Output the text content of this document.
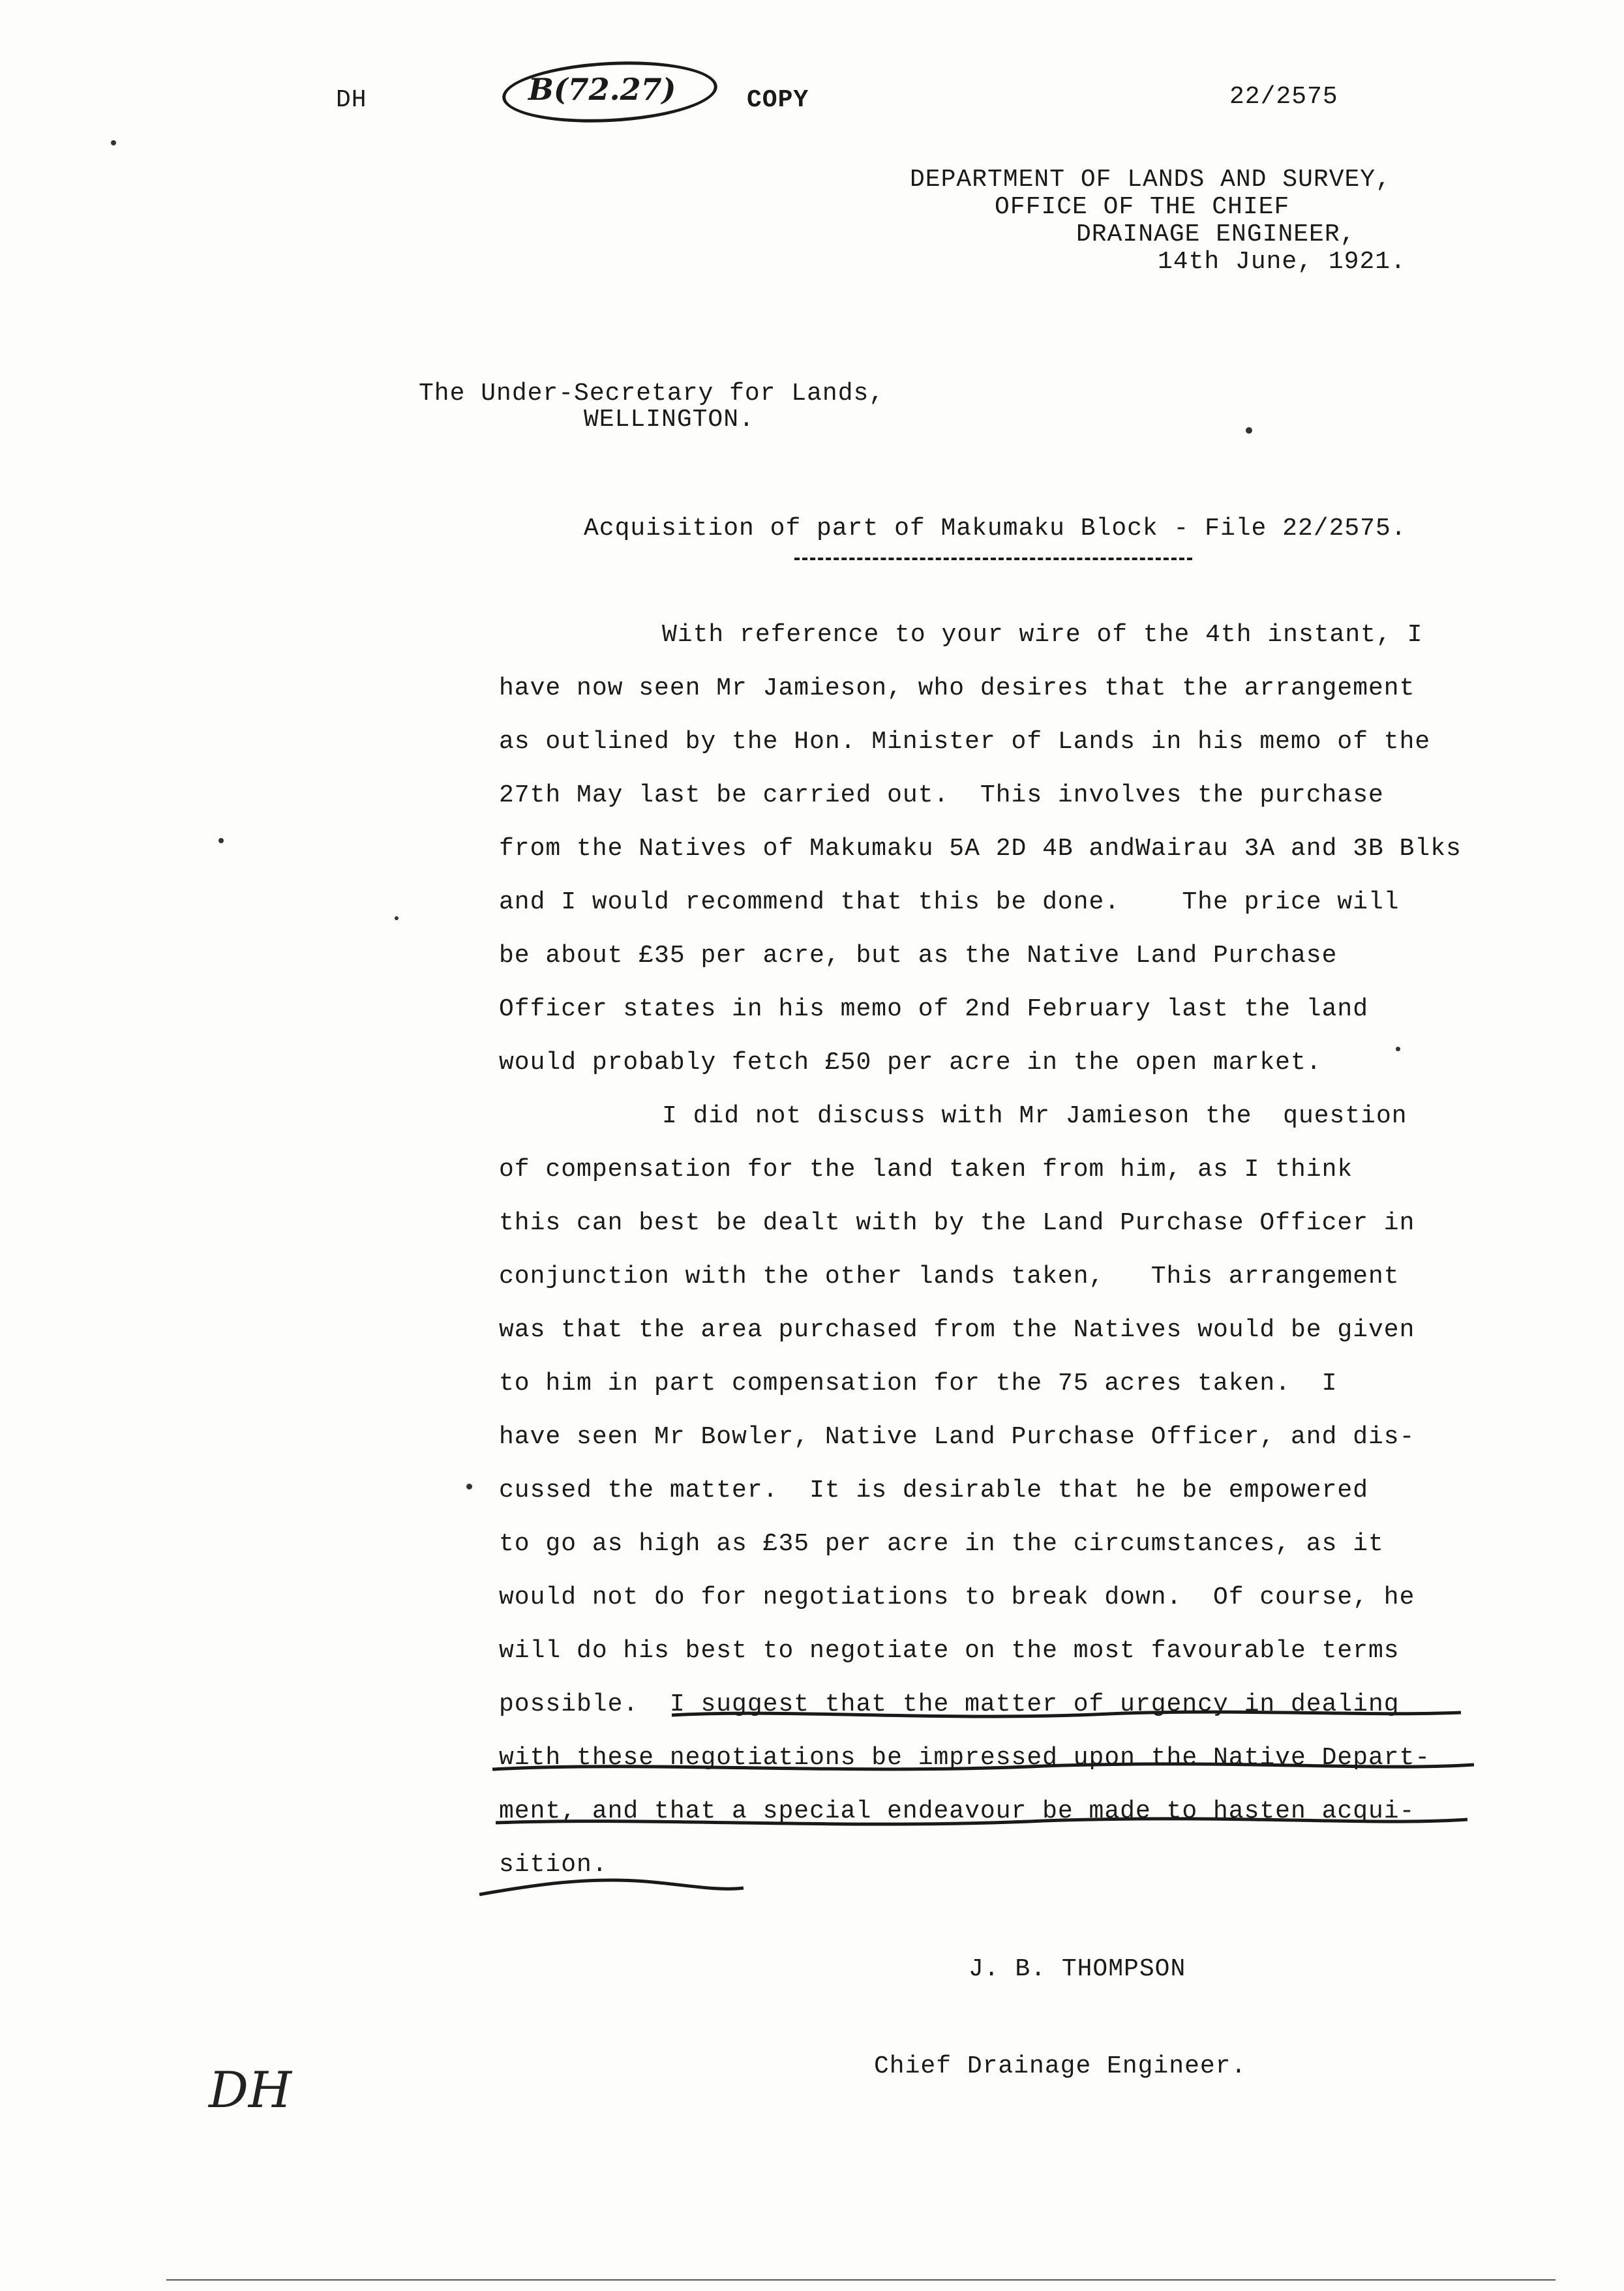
DH	B(72.27)	COPY	22/2575
DEPARTMENT OF LANDS AND SURVEY,
OFFICE OF THE CHIEF
DRAINAGE ENGINEER,
14th June, 1921.
The Under-Secretary for Lands,
WELLINGTON.
Acquisition of part of Makumaku Block - File 22/2575.
With reference to your wire of the 4th instant, I
have now seen Mr Jamieson, who desires that the arrangement
as outlined by the Hon. Minister of Lands in his memo of the
27th May last be carried out.  This involves the purchase
from the Natives of Makumaku 5A 2D 4B andWairau 3A and 3B Blks
and I would recommend that this be done.    The price will
be about £35 per acre, but as the Native Land Purchase
Officer states in his memo of 2nd February last the land
would probably fetch £50 per acre in the open market.
I did not discuss with Mr Jamieson the  question
of compensation for the land taken from him, as I think
this can best be dealt with by the Land Purchase Officer in
conjunction with the other lands taken,   This arrangement
was that the area purchased from the Natives would be given
to him in part compensation for the 75 acres taken.  I
have seen Mr Bowler, Native Land Purchase Officer, and dis-
cussed the matter.  It is desirable that he be empowered
to go as high as £35 per acre in the circumstances, as it
would not do for negotiations to break down.  Of course, he
will do his best to negotiate on the most favourable terms
possible.  I suggest that the matter of urgency in dealing
with these negotiations be impressed upon the Native Depart-
ment, and that a special endeavour be made to hasten acqui-
sition.
J. B. THOMPSON
Chief Drainage Engineer.
DH
